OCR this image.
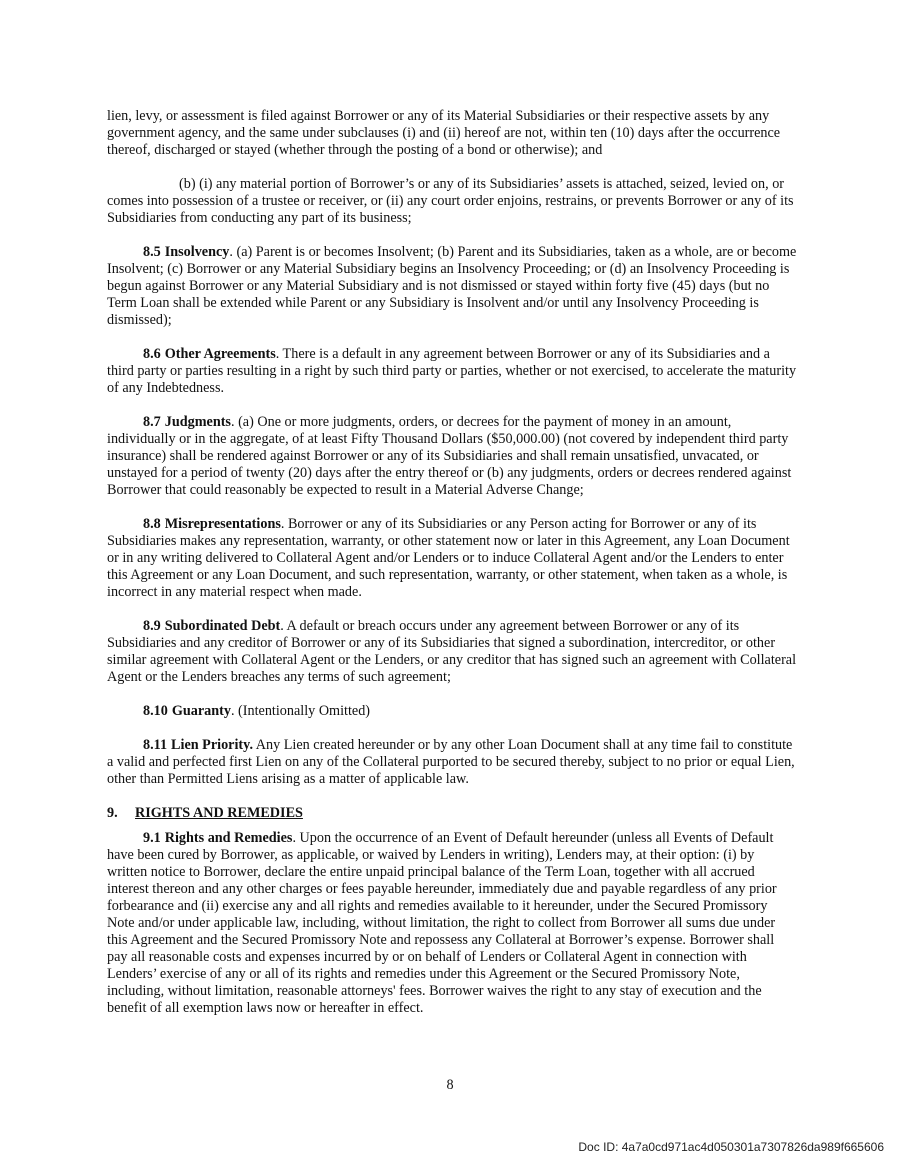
lien, levy, or assessment is filed against Borrower or any of its Material Subsidiaries or their respective assets by any government agency, and the same under subclauses (i) and (ii) hereof are not, within ten (10) days after the occurrence thereof, discharged or stayed (whether through the posting of a bond or otherwise); and

(b) (i) any material portion of Borrower’s or any of its Subsidiaries’ assets is attached, seized, levied on, or comes into possession of a trustee or receiver, or (ii) any court order enjoins, restrains, or prevents Borrower or any of its Subsidiaries from conducting any part of its business;

8.5 Insolvency. (a) Parent is or becomes Insolvent; (b) Parent and its Subsidiaries, taken as a whole, are or become Insolvent; (c) Borrower or any Material Subsidiary begins an Insolvency Proceeding; or (d) an Insolvency Proceeding is begun against Borrower or any Material Subsidiary and is not dismissed or stayed within forty five (45) days (but no Term Loan shall be extended while Parent or any Subsidiary is Insolvent and/or until any Insolvency Proceeding is dismissed);

8.6 Other Agreements. There is a default in any agreement between Borrower or any of its Subsidiaries and a third party or parties resulting in a right by such third party or parties, whether or not exercised, to accelerate the maturity of any Indebtedness.

8.7 Judgments. (a) One or more judgments, orders, or decrees for the payment of money in an amount, individually or in the aggregate, of at least Fifty Thousand Dollars ($50,000.00) (not covered by independent third party insurance) shall be rendered against Borrower or any of its Subsidiaries and shall remain unsatisfied, unvacated, or unstayed for a period of twenty (20) days after the entry thereof or (b) any judgments, orders or decrees rendered against Borrower that could reasonably be expected to result in a Material Adverse Change;

8.8 Misrepresentations. Borrower or any of its Subsidiaries or any Person acting for Borrower or any of its Subsidiaries makes any representation, warranty, or other statement now or later in this Agreement, any Loan Document or in any writing delivered to Collateral Agent and/or Lenders or to induce Collateral Agent and/or the Lenders to enter this Agreement or any Loan Document, and such representation, warranty, or other statement, when taken as a whole, is incorrect in any material respect when made.

8.9 Subordinated Debt. A default or breach occurs under any agreement between Borrower or any of its Subsidiaries and any creditor of Borrower or any of its Subsidiaries that signed a subordination, intercreditor, or other similar agreement with Collateral Agent or the Lenders, or any creditor that has signed such an agreement with Collateral Agent or the Lenders breaches any terms of such agreement;

8.10 Guaranty. (Intentionally Omitted)

8.11 Lien Priority. Any Lien created hereunder or by any other Loan Document shall at any time fail to constitute a valid and perfected first Lien on any of the Collateral purported to be secured thereby, subject to no prior or equal Lien, other than Permitted Liens arising as a matter of applicable law.

9. RIGHTS AND REMEDIES

9.1 Rights and Remedies. Upon the occurrence of an Event of Default hereunder (unless all Events of Default have been cured by Borrower, as applicable, or waived by Lenders in writing), Lenders may, at their option: (i) by written notice to Borrower, declare the entire unpaid principal balance of the Term Loan, together with all accrued interest thereon and any other charges or fees payable hereunder, immediately due and payable regardless of any prior forbearance and (ii) exercise any and all rights and remedies available to it hereunder, under the Secured Promissory Note and/or under applicable law, including, without limitation, the right to collect from Borrower all sums due under this Agreement and the Secured Promissory Note and repossess any Collateral at Borrower’s expense. Borrower shall pay all reasonable costs and expenses incurred by or on behalf of Lenders or Collateral Agent in connection with Lenders’ exercise of any or all of its rights and remedies under this Agreement or the Secured Promissory Note, including, without limitation, reasonable attorneys' fees. Borrower waives the right to any stay of execution and the benefit of all exemption laws now or hereafter in effect.

8
Doc ID: 4a7a0cd971ac4d050301a7307826da989f665606
